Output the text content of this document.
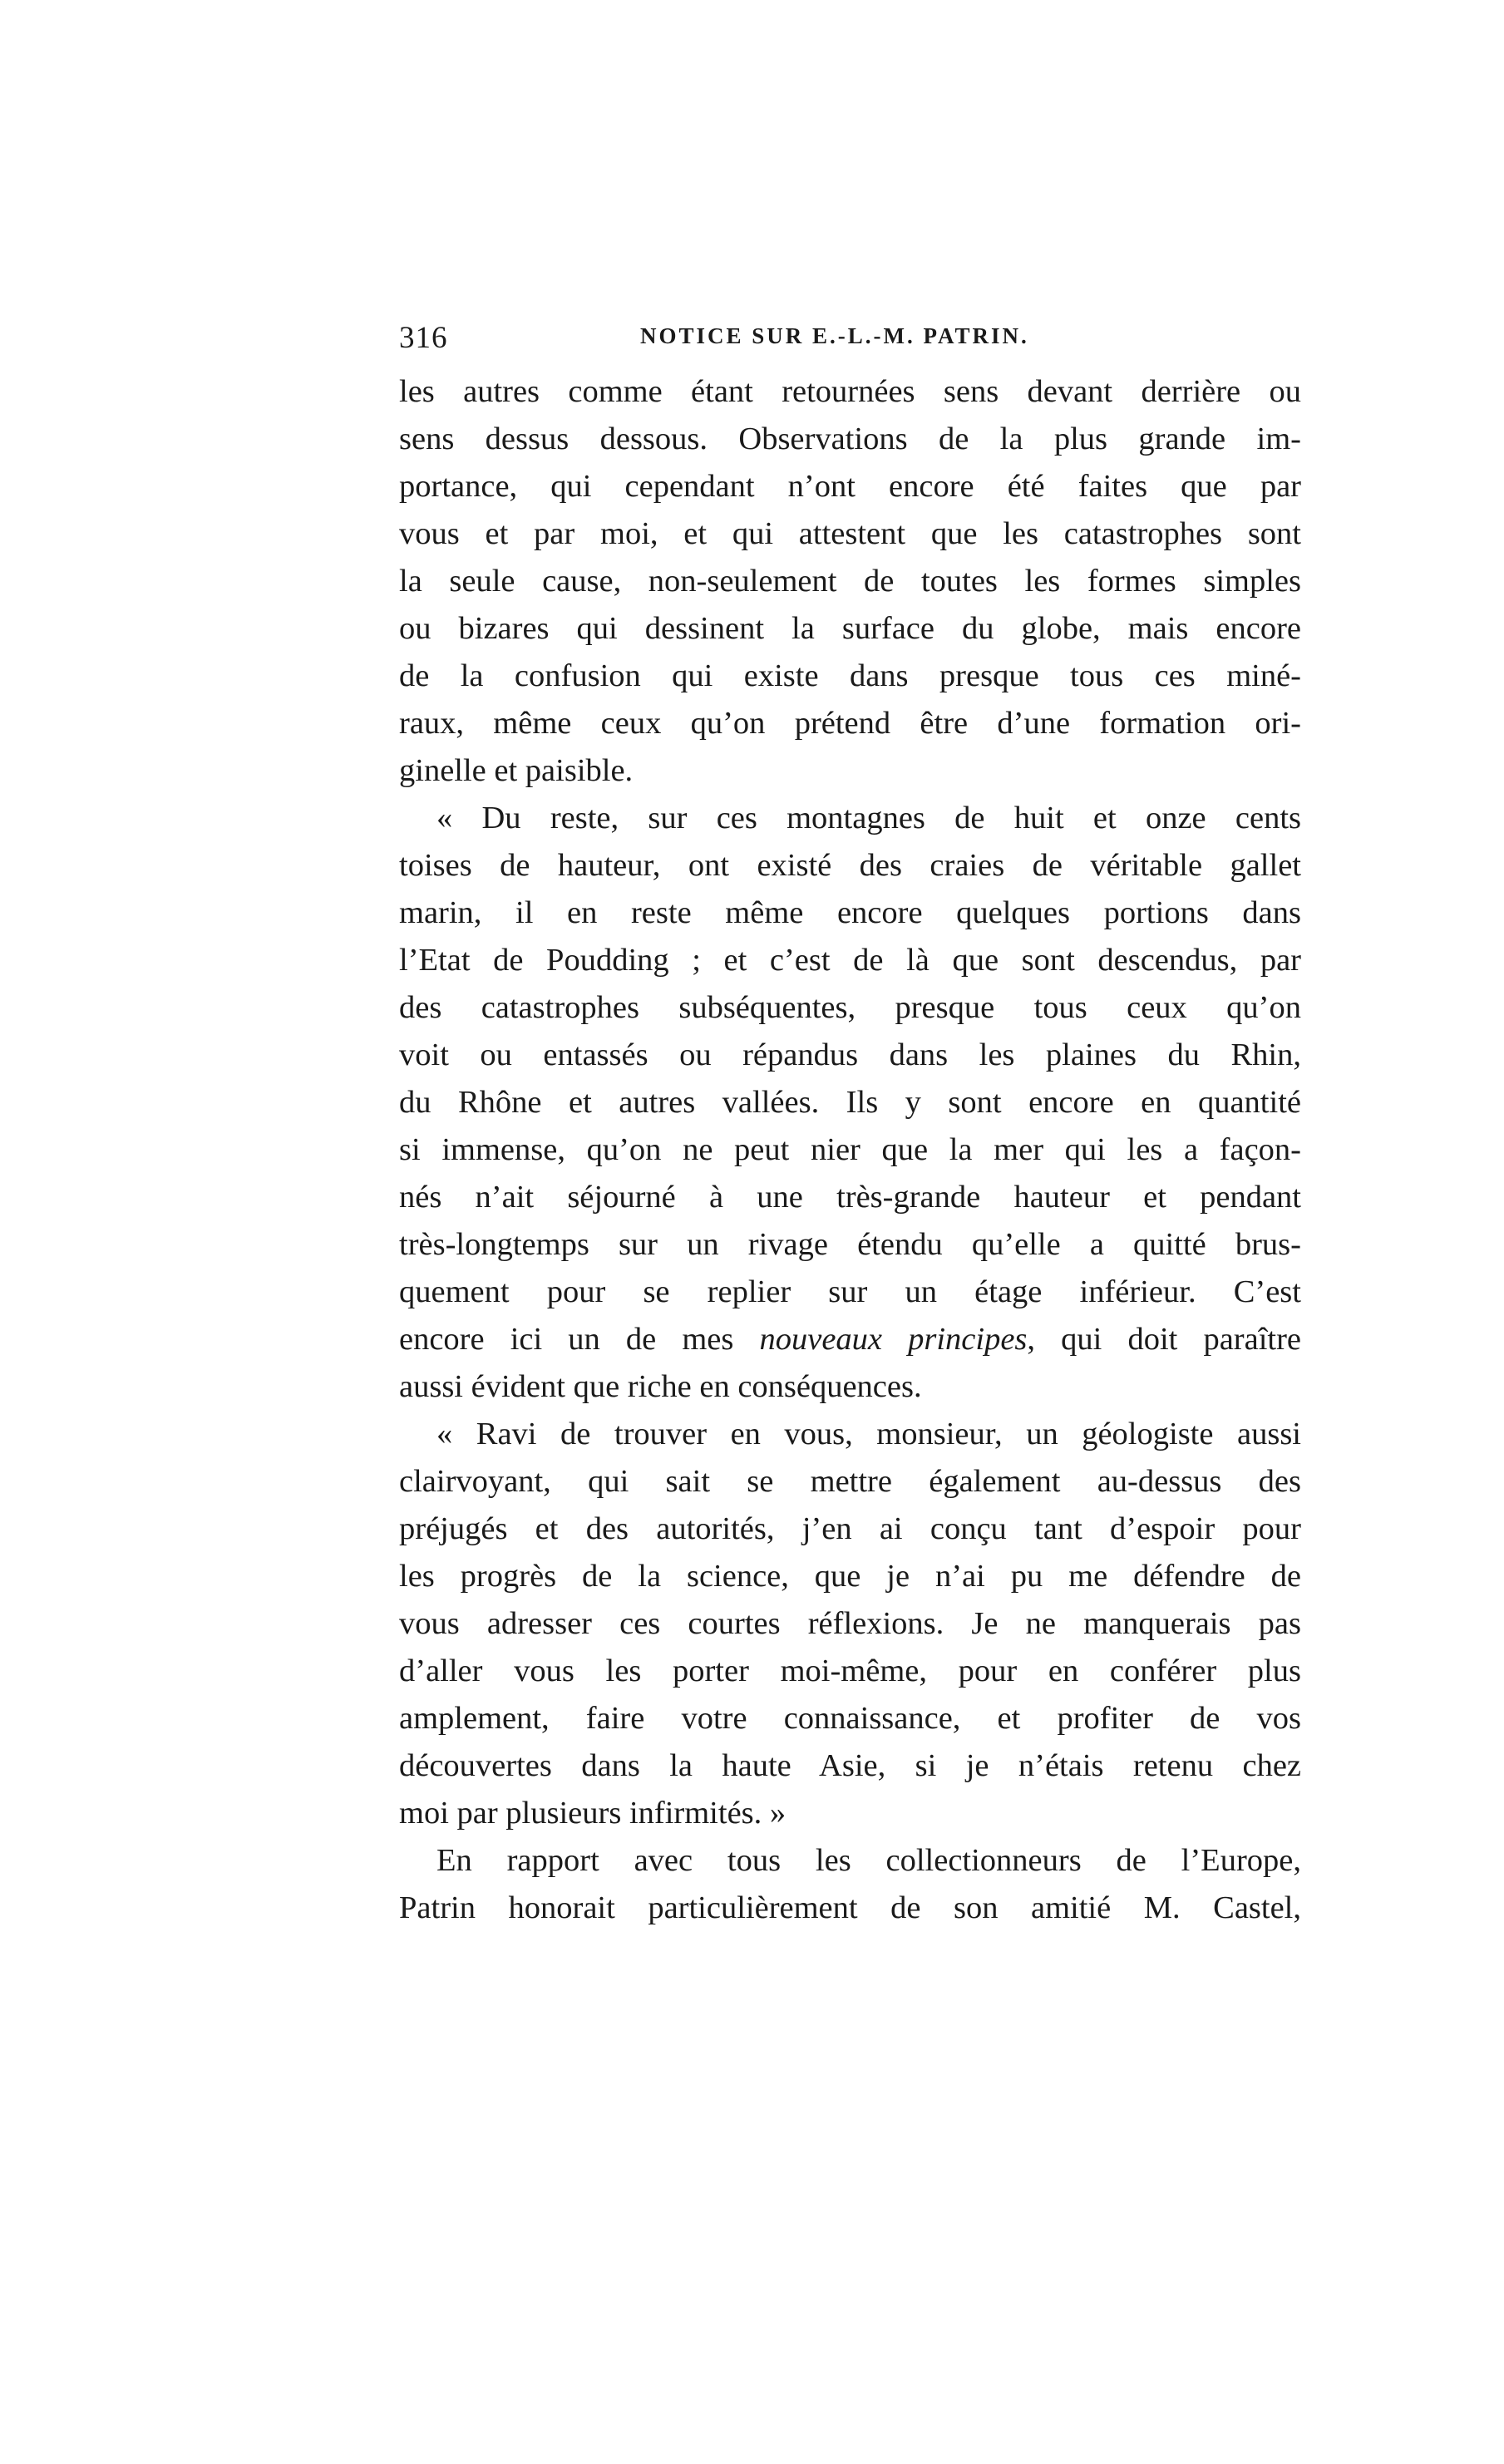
316	NOTICE SUR E.-L.-M. PATRIN.
les autres comme étant retournées sens devant derrière ou
sens dessus dessous. Observations de la plus grande im-
portance, qui cependant n’ont encore été faites que par
vous et par moi, et qui attestent que les catastrophes sont
la seule cause, non-seulement de toutes les formes simples
ou bizares qui dessinent la surface du globe, mais encore
de la confusion qui existe dans presque tous ces miné-
raux, même ceux qu’on prétend être d’une formation ori-
ginelle et paisible.
« Du reste, sur ces montagnes de huit et onze cents
toises de hauteur, ont existé des craies de véritable gallet
marin, il en reste même encore quelques portions dans
l’Etat de Poudding ; et c’est de là que sont descendus, par
des catastrophes subséquentes, presque tous ceux qu’on
voit ou entassés ou répandus dans les plaines du Rhin,
du Rhône et autres vallées. Ils y sont encore en quantité
si immense, qu’on ne peut nier que la mer qui les a façon-
nés n’ait séjourné à une très-grande hauteur et pendant
très-longtemps sur un rivage étendu qu’elle a quitté brus-
quement pour se replier sur un étage inférieur. C’est
encore ici un de mes nouveaux principes, qui doit paraître
aussi évident que riche en conséquences.
« Ravi de trouver en vous, monsieur, un géologiste aussi
clairvoyant, qui sait se mettre également au-dessus des
préjugés et des autorités, j’en ai conçu tant d’espoir pour
les progrès de la science, que je n’ai pu me défendre de
vous adresser ces courtes réflexions. Je ne manquerais pas
d’aller vous les porter moi-même, pour en conférer plus
amplement, faire votre connaissance, et profiter de vos
découvertes dans la haute Asie, si je n’étais retenu chez
moi par plusieurs infirmités. »
En rapport avec tous les collectionneurs de l’Europe,
Patrin honorait particulièrement de son amitié M. Castel,
